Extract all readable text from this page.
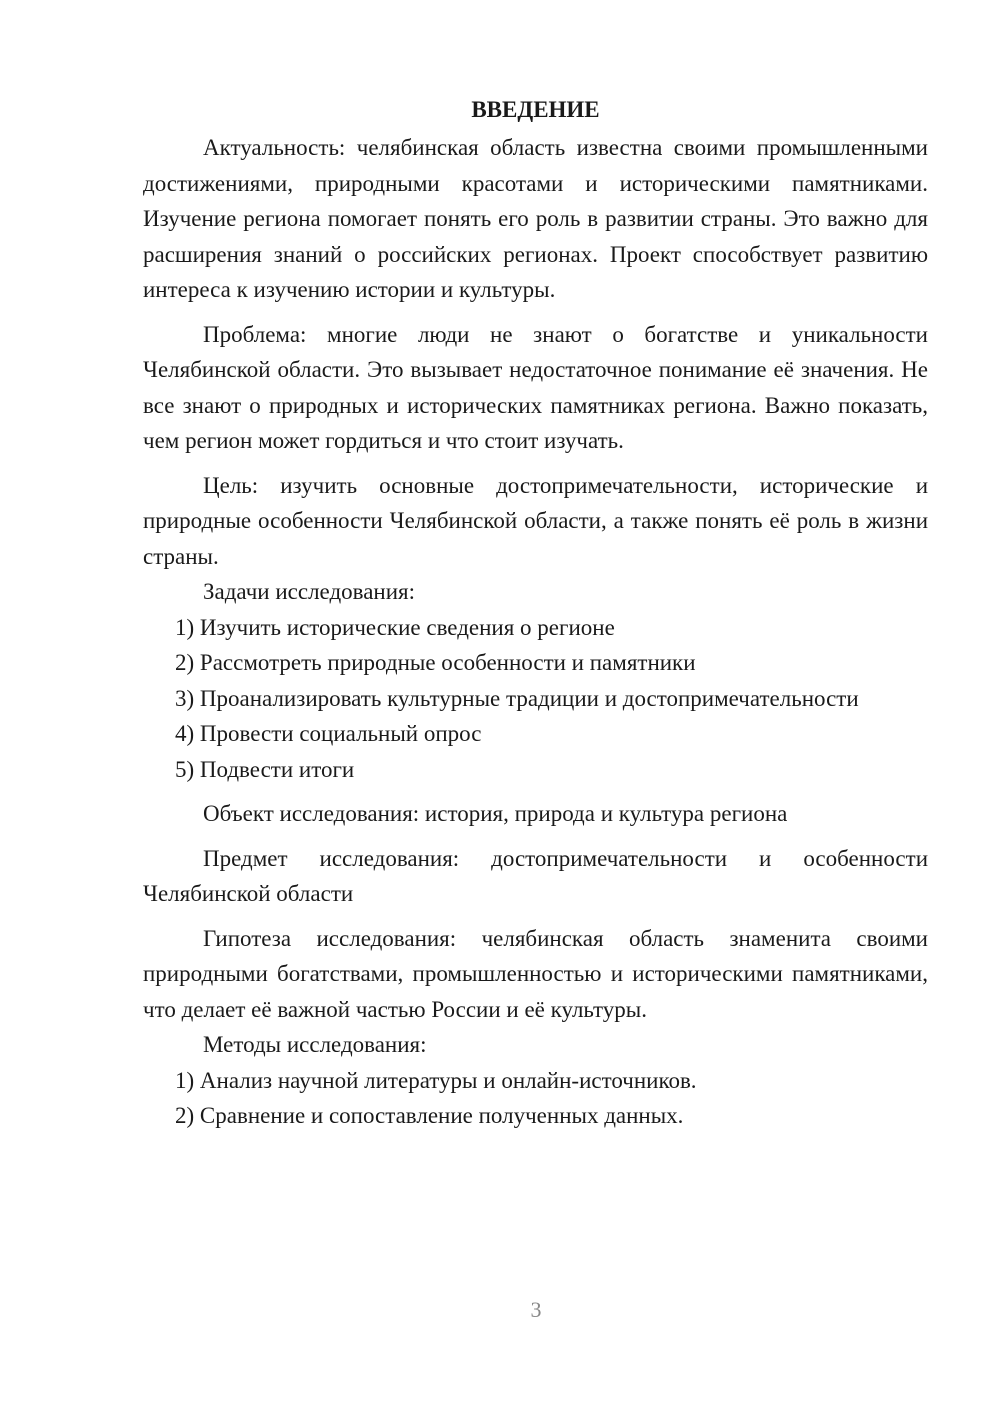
ВВЕДЕНИЕ

Актуальность: челябинская область известна своими промышленными достижениями, природными красотами и историческими памятниками. Изучение региона помогает понять его роль в развитии страны. Это важно для расширения знаний о российских регионах. Проект способствует развитию интереса к изучению истории и культуры.

Проблема: многие люди не знают о богатстве и уникальности Челябинской области. Это вызывает недостаточное понимание её значения. Не все знают о природных и исторических памятниках региона. Важно показать, чем регион может гордиться и что стоит изучать.

Цель: изучить основные достопримечательности, исторические и природные особенности Челябинской области, а также понять её роль в жизни страны.

Задачи исследования:

1) Изучить исторические сведения о регионе

2) Рассмотреть природные особенности и памятники

3) Проанализировать культурные традиции и достопримечательности

4) Провести социальный опрос

5) Подвести итоги

Объект исследования: история, природа и культура региона

Предмет исследования: достопримечательности и особенности Челябинской области

Гипотеза исследования: челябинская область знаменита своими природными богатствами, промышленностью и историческими памятниками, что делает её важной частью России и её культуры.

Методы исследования:

1) Анализ научной литературы и онлайн-источников.

2) Сравнение и сопоставление полученных данных.

3
